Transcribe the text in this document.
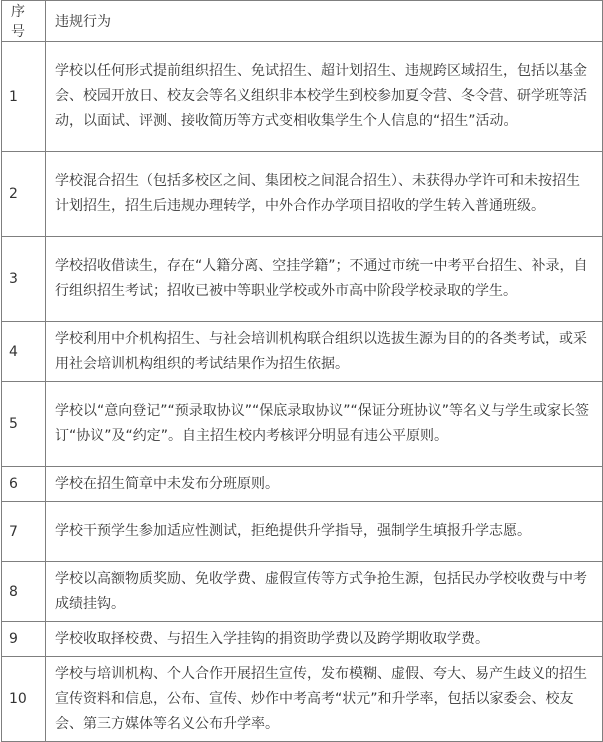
序号	违规行为
1	学校以任何形式提前组织招生、免试招生、超计划招生、违规跨区域招生，包括以基金会、校园开放日、校友会等名义组织非本校学生到校参加夏令营、冬令营、研学班等活动，以面试、评测、接收简历等方式变相收集学生个人信息的“招生”活动。
2	学校混合招生（包括多校区之间、集团校之间混合招生）、未获得办学许可和未按招生计划招生，招生后违规办理转学，中外合作办学项目招收的学生转入普通班级。
3	学校招收借读生，存在“人籍分离、空挂学籍”；不通过市统一中考平台招生、补录，自行组织招生考试；招收已被中等职业学校或外市高中阶段学校录取的学生。
4	学校利用中介机构招生、与社会培训机构联合组织以选拔生源为目的的各类考试，或采用社会培训机构组织的考试结果作为招生依据。
5	学校以“意向登记”“预录取协议”“保底录取协议”“保证分班协议”等名义与学生或家长签订“协议”及“约定”。自主招生校内考核评分明显有违公平原则。
6	学校在招生简章中未发布分班原则。
7	学校干预学生参加适应性测试，拒绝提供升学指导，强制学生填报升学志愿。
8	学校以高额物质奖励、免收学费、虚假宣传等方式争抢生源，包括民办学校收费与中考成绩挂钩。
9	学校收取择校费、与招生入学挂钩的捐资助学费以及跨学期收取学费。
10	学校与培训机构、个人合作开展招生宣传，发布模糊、虚假、夸大、易产生歧义的招生宣传资料和信息，公布、宣传、炒作中考高考“状元”和升学率，包括以家委会、校友会、第三方媒体等名义公布升学率。
